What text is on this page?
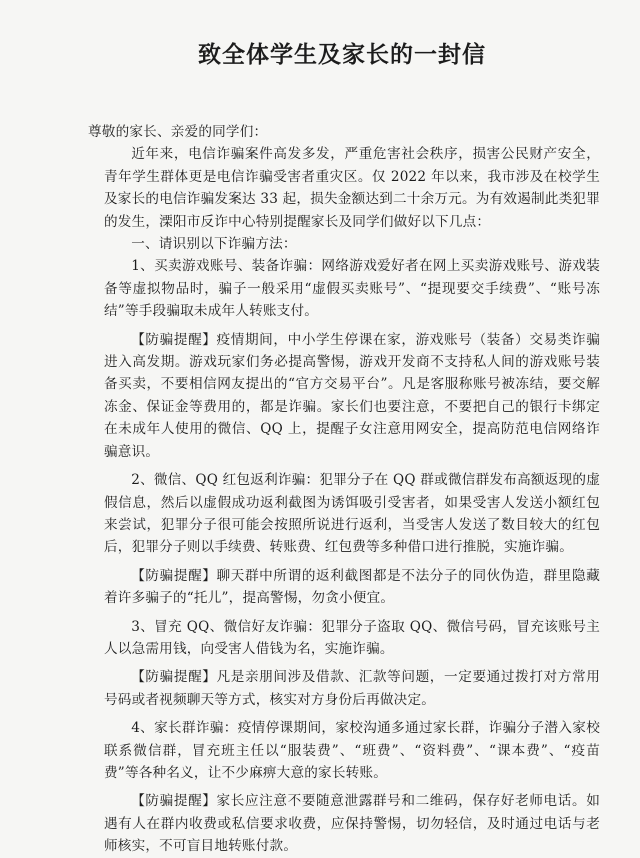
致全体学生及家长的一封信

尊敬的家长、亲爱的同学们：

近年来，电信诈骗案件高发多发，严重危害社会秩序，损害公民财产安全，青年学生群体更是电信诈骗受害者重灾区。仅 2022 年以来，我市涉及在校学生及家长的电信诈骗发案达 33 起，损失金额达到二十余万元。为有效遏制此类犯罪的发生，溧阳市反诈中心特别提醒家长及同学们做好以下几点：

一、请识别以下诈骗方法：

1、买卖游戏账号、装备诈骗：网络游戏爱好者在网上买卖游戏账号、游戏装备等虚拟物品时，骗子一般采用“虚假买卖账号”、“提现要交手续费”、“账号冻结”等手段骗取未成年人转账支付。

【防骗提醒】疫情期间，中小学生停课在家，游戏账号（装备）交易类诈骗进入高发期。游戏玩家们务必提高警惕，游戏开发商不支持私人间的游戏账号装备买卖，不要相信网友提出的“官方交易平台”。凡是客服称账号被冻结，要交解冻金、保证金等费用的，都是诈骗。家长们也要注意，不要把自己的银行卡绑定在未成年人使用的微信、QQ 上，提醒子女注意用网安全，提高防范电信网络诈骗意识。

2、微信、QQ 红包返利诈骗：犯罪分子在 QQ 群或微信群发布高额返现的虚假信息，然后以虚假成功返利截图为诱饵吸引受害者，如果受害人发送小额红包来尝试，犯罪分子很可能会按照所说进行返利，当受害人发送了数目较大的红包后，犯罪分子则以手续费、转账费、红包费等多种借口进行推脱，实施诈骗。

【防骗提醒】聊天群中所谓的返利截图都是不法分子的同伙伪造，群里隐藏着许多骗子的“托儿”，提高警惕，勿贪小便宜。

3、冒充 QQ、微信好友诈骗：犯罪分子盗取 QQ、微信号码，冒充该账号主人以急需用钱，向受害人借钱为名，实施诈骗。

【防骗提醒】凡是亲朋间涉及借款、汇款等问题，一定要通过拨打对方常用号码或者视频聊天等方式，核实对方身份后再做决定。

4、家长群诈骗：疫情停课期间，家校沟通多通过家长群，诈骗分子潜入家校联系微信群，冒充班主任以“服装费”、“班费”、“资料费”、“课本费”、“疫苗费”等各种名义，让不少麻痹大意的家长转账。

【防骗提醒】家长应注意不要随意泄露群号和二维码，保存好老师电话。如遇有人在群内收费或私信要求收费，应保持警惕，切勿轻信，及时通过电话与老师核实，不可盲目地转账付款。
